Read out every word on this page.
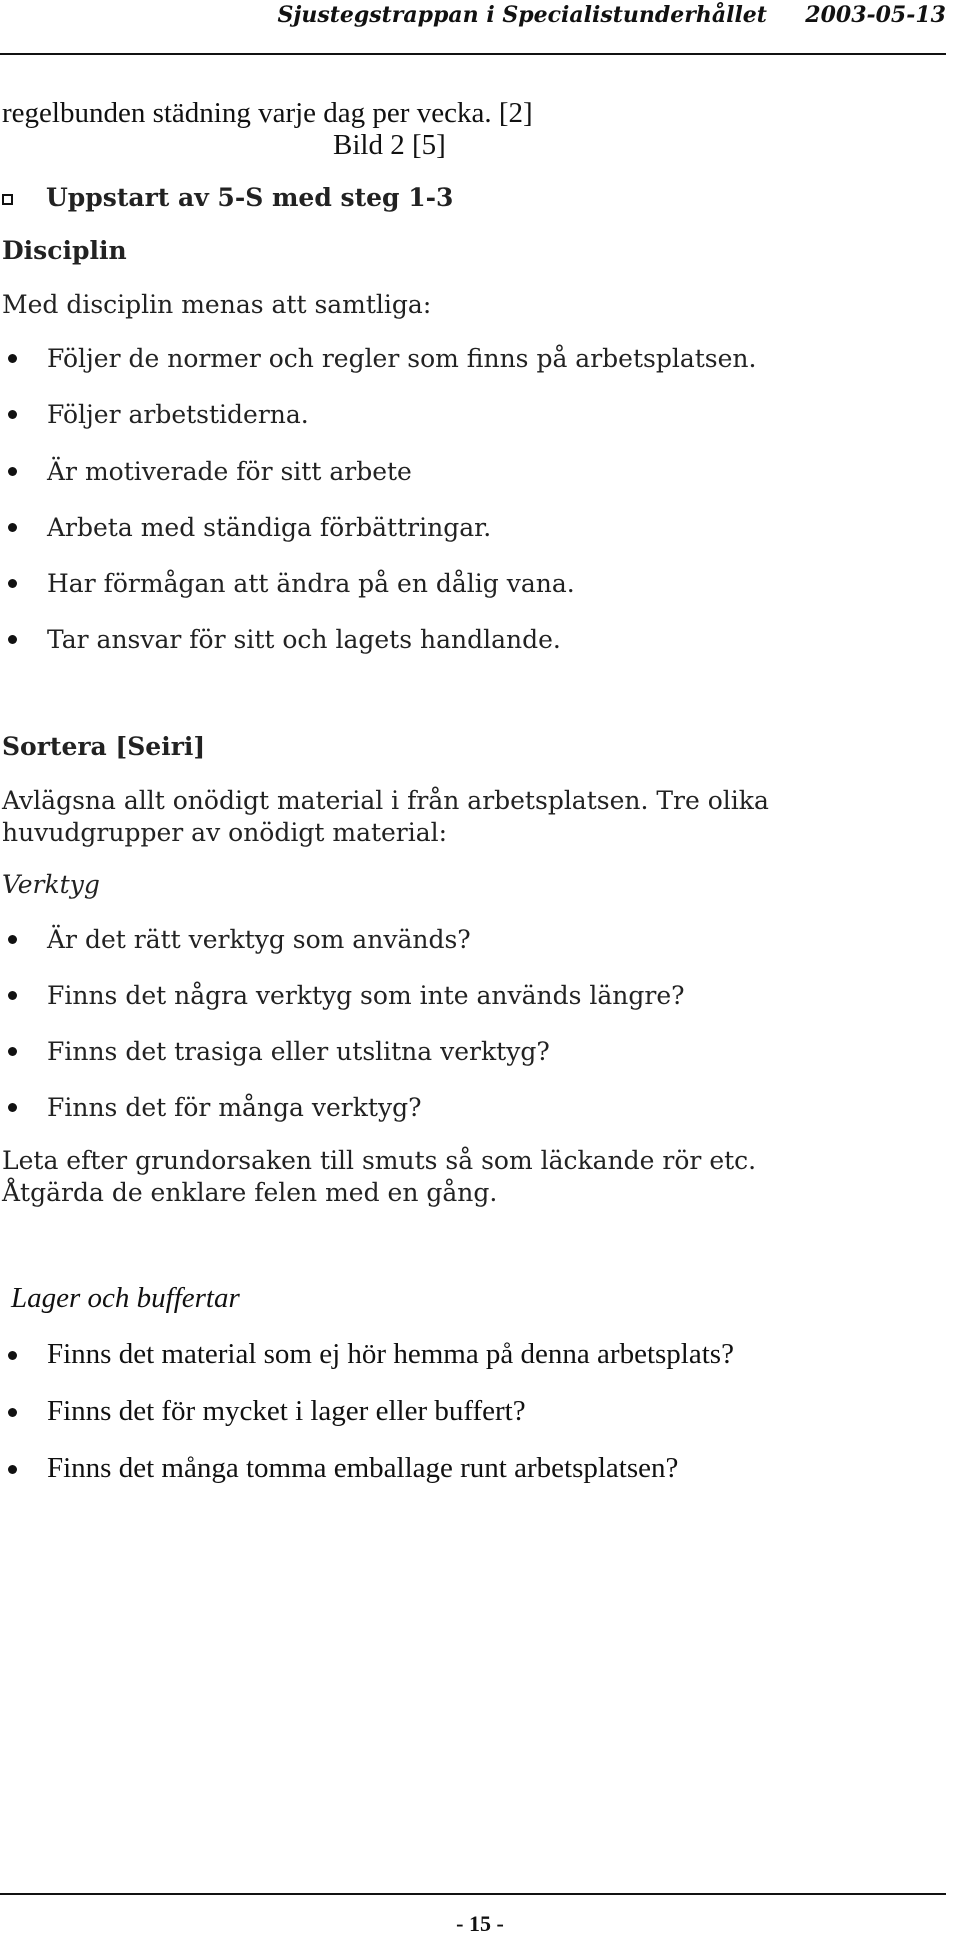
Sjustegstrappan i Specialistunderhållet 2003-05-13
regelbunden städning varje dag per vecka. [2]
Bild 2 [5]
Uppstart av 5-S med steg 1-3
Disciplin
Med disciplin menas att samtliga:
Följer de normer och regler som finns på arbetsplatsen.
Följer arbetstiderna.
Är motiverade för sitt arbete
Arbeta med ständiga förbättringar.
Har förmågan att ändra på en dålig vana.
Tar ansvar för sitt och lagets handlande.
Sortera [Seiri]
Avlägsna allt onödigt material i från arbetsplatsen. Tre olika
huvudgrupper av onödigt material:
Verktyg
Är det rätt verktyg som används?
Finns det några verktyg som inte används längre?
Finns det trasiga eller utslitna verktyg?
Finns det för många verktyg?
Leta efter grundorsaken till smuts så som läckande rör etc.
Åtgärda de enklare felen med en gång.
Lager och buffertar
Finns det material som ej hör hemma på denna arbetsplats?
Finns det för mycket i lager eller buffert?
Finns det många tomma emballage runt arbetsplatsen?
- 15 -
